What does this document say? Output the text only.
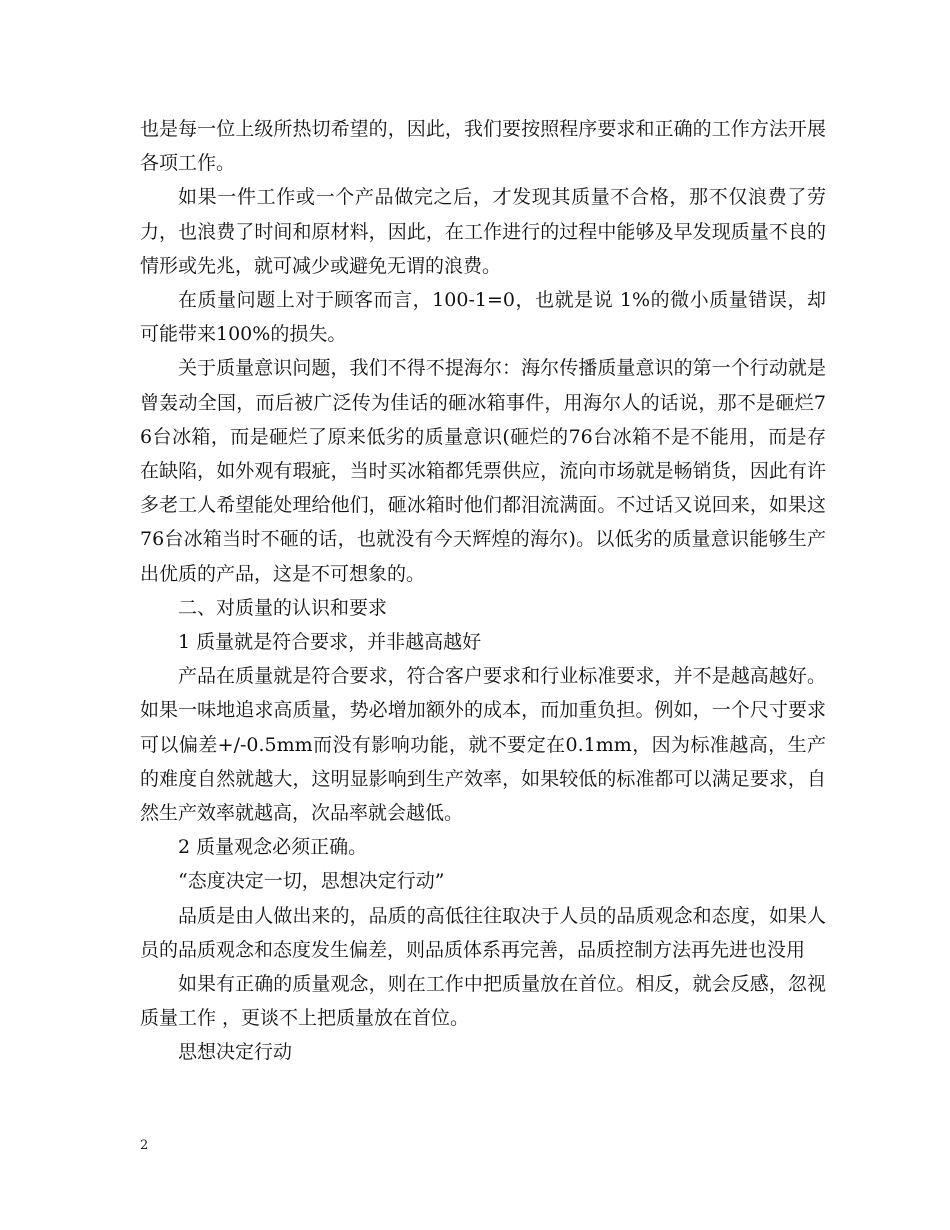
也是每一位上级所热切希望的，因此，我们要按照程序要求和正确的工作方法开展各项工作。

如果一件工作或一个产品做完之后，才发现其质量不合格，那不仅浪费了劳力，也浪费了时间和原材料，因此，在工作进行的过程中能够及早发现质量不良的情形或先兆，就可减少或避免无谓的浪费。

在质量问题上对于顾客而言，100-1=0，也就是说 1%的微小质量错误，却可能带来100%的损失。

关于质量意识问题，我们不得不提海尔：海尔传播质量意识的第一个行动就是曾轰动全国，而后被广泛传为佳话的砸冰箱事件，用海尔人的话说，那不是砸烂76台冰箱，而是砸烂了原来低劣的质量意识(砸烂的76台冰箱不是不能用，而是存在缺陷，如外观有瑕疵，当时买冰箱都凭票供应，流向市场就是畅销货，因此有许多老工人希望能处理给他们，砸冰箱时他们都泪流满面。不过话又说回来，如果这76台冰箱当时不砸的话，也就没有今天辉煌的海尔)。以低劣的质量意识能够生产出优质的产品，这是不可想象的。

二、对质量的认识和要求

1 质量就是符合要求，并非越高越好

产品在质量就是符合要求，符合客户要求和行业标准要求，并不是越高越好。如果一味地追求高质量，势必增加额外的成本，而加重负担。例如，一个尺寸要求可以偏差+/-0.5mm而没有影响功能，就不要定在0.1mm，因为标准越高，生产的难度自然就越大，这明显影响到生产效率，如果较低的标准都可以满足要求，自然生产效率就越高，次品率就会越低。

2 质量观念必须正确。

“态度决定一切，思想决定行动”

品质是由人做出来的，品质的高低往往取决于人员的品质观念和态度，如果人员的品质观念和态度发生偏差，则品质体系再完善，品质控制方法再先进也没用

如果有正确的质量观念，则在工作中把质量放在首位。相反，就会反感，忽视质量工作 ，更谈不上把质量放在首位。

思想决定行动

2
